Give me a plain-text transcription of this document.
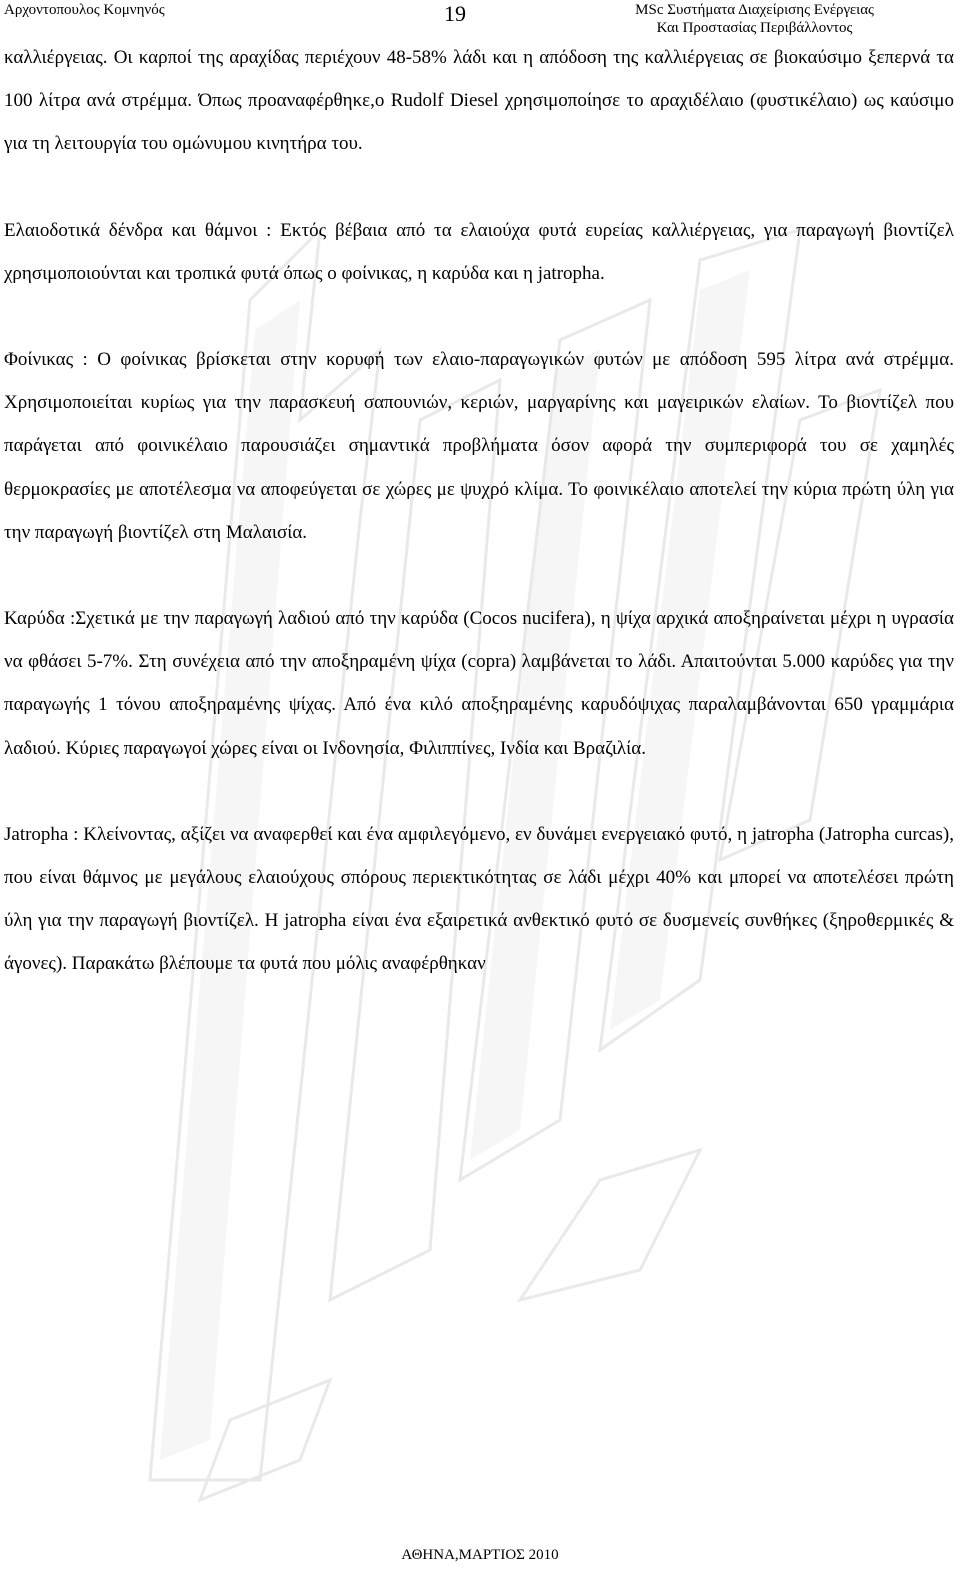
Αρχοντοπουλος Κομνηνός	19	MSc Συστήματα Διαχείρισης Ενέργειας
Και Προστασίας Περιβάλλοντος

καλλιέργειας. Οι καρποί της αραχίδας περιέχουν 48-58% λάδι και η απόδοση της καλλιέργειας σε βιοκαύσιμο ξεπερνά τα 100 λίτρα ανά στρέμμα. Όπως προαναφέρθηκε,ο Rudolf Diesel χρησιμοποίησε το αραχιδέλαιο (φυστικέλαιο) ως καύσιμο για τη λειτουργία του ομώνυμου κινητήρα του.

Ελαιοδοτικά δένδρα και θάμνοι : Εκτός βέβαια από τα ελαιούχα φυτά ευρείας καλλιέργειας, για παραγωγή βιοντίζελ χρησιμοποιούνται και τροπικά φυτά όπως ο φοίνικας, η καρύδα και η jatropha.

Φοίνικας : Ο φοίνικας βρίσκεται στην κορυφή των ελαιο-παραγωγικών φυτών με απόδοση 595 λίτρα ανά στρέμμα. Χρησιμοποιείται κυρίως για την παρασκευή σαπουνιών, κεριών, μαργαρίνης και μαγειρικών ελαίων. Το βιοντίζελ που παράγεται από φοινικέλαιο παρουσιάζει σημαντικά προβλήματα όσον αφορά την συμπεριφορά του σε χαμηλές θερμοκρασίες με αποτέλεσμα να αποφεύγεται σε χώρες με ψυχρό κλίμα. Το φοινικέλαιο αποτελεί την κύρια πρώτη ύλη για την παραγωγή βιοντίζελ στη Μαλαισία.

Καρύδα :Σχετικά με την παραγωγή λαδιού από την καρύδα (Cocos nucifera), η ψίχα αρχικά αποξηραίνεται μέχρι η υγρασία να φθάσει 5-7%. Στη συνέχεια από την αποξηραμένη ψίχα (copra) λαμβάνεται το λάδι. Απαιτούνται 5.000 καρύδες για την παραγωγής 1 τόνου αποξηραμένης ψίχας. Από ένα κιλό αποξηραμένης καρυδόψιχας παραλαμβάνονται 650 γραμμάρια λαδιού. Κύριες παραγωγοί χώρες είναι οι Ινδονησία, Φιλιππίνες, Ινδία και Βραζιλία.

Jatropha : Κλείνοντας, αξίζει να αναφερθεί και ένα αμφιλεγόμενο, εν δυνάμει ενεργειακό φυτό, η jatropha (Jatropha curcas), που είναι θάμνος με μεγάλους ελαιούχους σπόρους περιεκτικότητας σε λάδι μέχρι 40% και μπορεί να αποτελέσει πρώτη ύλη για την παραγωγή βιοντίζελ. Η jatropha είναι ένα εξαιρετικά ανθεκτικό φυτό σε δυσμενείς συνθήκες (ξηροθερμικές & άγονες). Παρακάτω βλέπουμε τα φυτά που μόλις αναφέρθηκαν

ΑΘΗΝΑ,ΜΑΡΤΙΟΣ 2010
